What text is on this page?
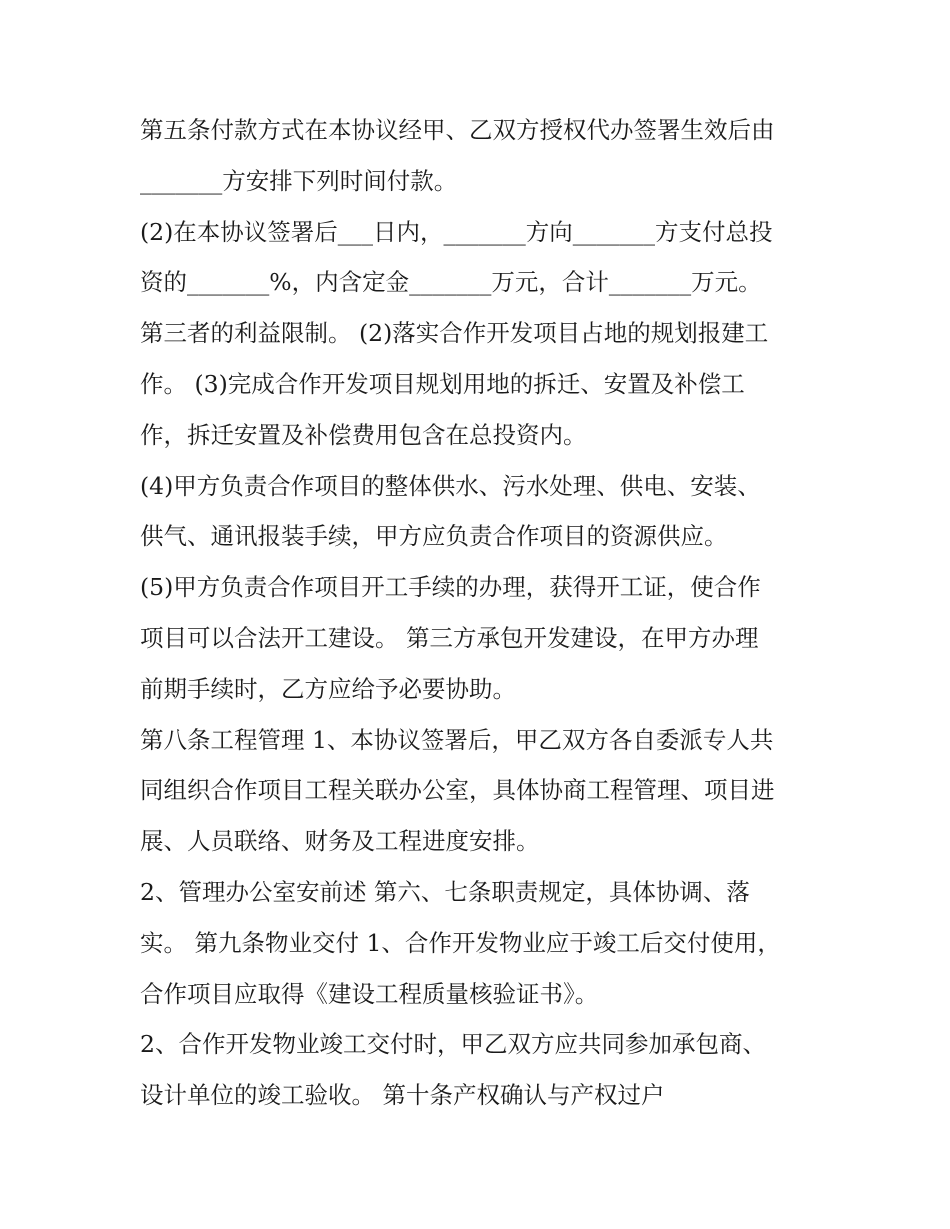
第五条付款方式在本协议经甲、乙双方授权代办签署生效后由
_______方安排下列时间付款。
(2)在本协议签署后___日内，_______方向_______方支付总投
资的_______%，内含定金_______万元，合计_______万元。
第三者的利益限制。 (2)落实合作开发项目占地的规划报建工
作。 (3)完成合作开发项目规划用地的拆迁、安置及补偿工
作，拆迁安置及补偿费用包含在总投资内。
(4)甲方负责合作项目的整体供水、污水处理、供电、安装、
供气、通讯报装手续，甲方应负责合作项目的资源供应。
(5)甲方负责合作项目开工手续的办理，获得开工证，使合作
项目可以合法开工建设。 第三方承包开发建设，在甲方办理
前期手续时，乙方应给予必要协助。
第八条工程管理 1、本协议签署后，甲乙双方各自委派专人共
同组织合作项目工程关联办公室，具体协商工程管理、项目进
展、人员联络、财务及工程进度安排。
2、管理办公室安前述 第六、七条职责规定，具体协调、落
实。 第九条物业交付 1、合作开发物业应于竣工后交付使用，
合作项目应取得《建设工程质量核验证书》。
2、合作开发物业竣工交付时，甲乙双方应共同参加承包商、
设计单位的竣工验收。 第十条产权确认与产权过户
